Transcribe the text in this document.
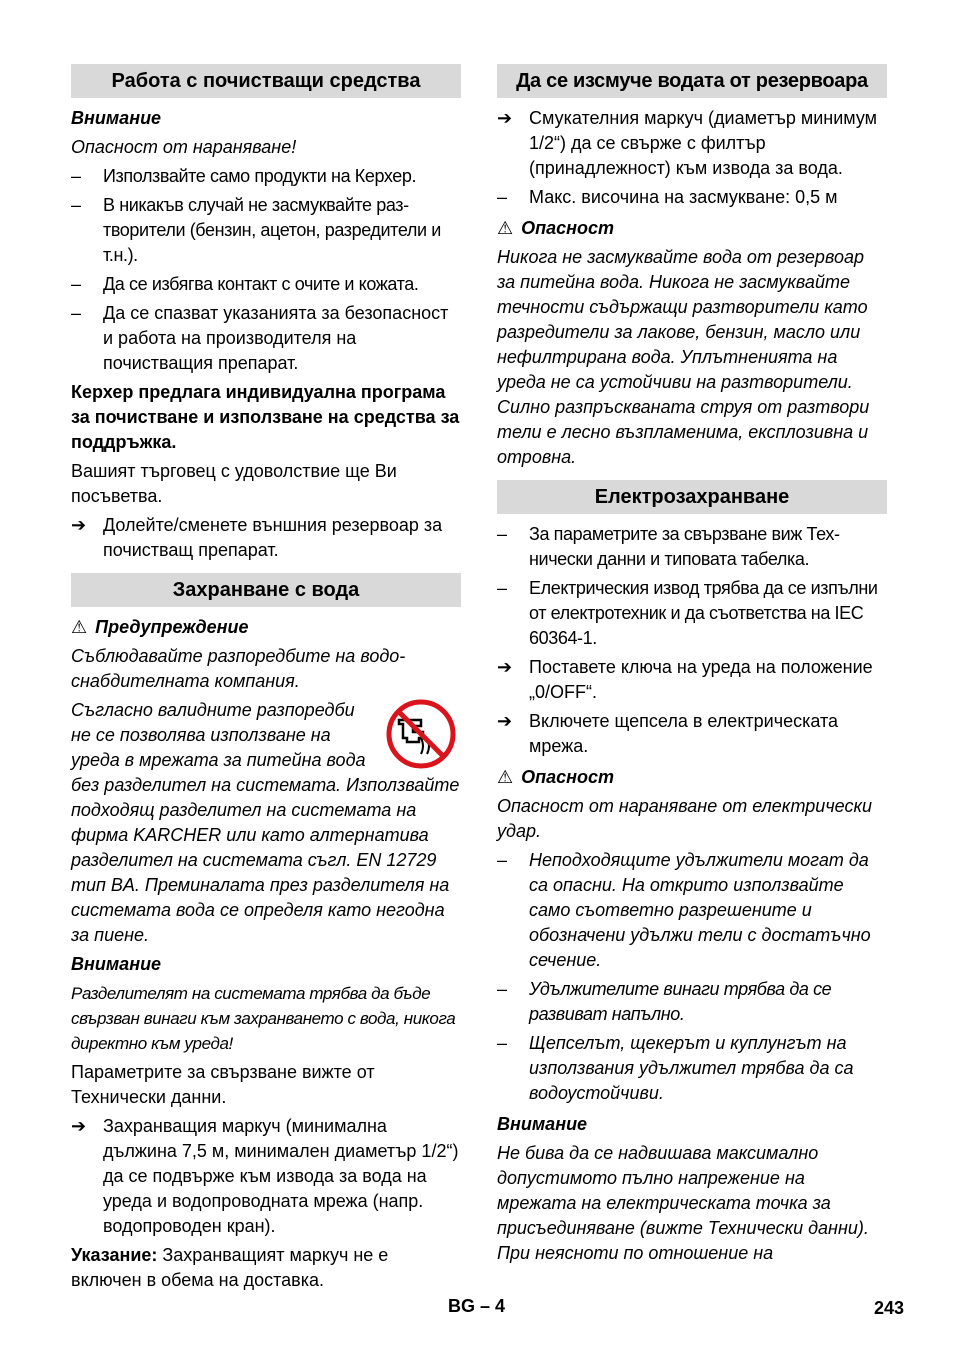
Работа с почистващи средства
Внимание
Опасност от нараняване!
–	Използвайте само продукти на Керхер.
–	В никакъв случай не засмуквайте разтворители (бензин, ацетон, разредители и т.н.).
–	Да се избягва контакт с очите и кожата.
–	Да се спазват указанията за безопасност и работа на производителя на почистващия препарат.
Керхер предлага индивидуална програма за почистване и използване на средства за поддръжка.
Вашият търговец с удоволствие ще Ви посъветва.
➔ Долейте/сменете външния резервоар за почистващ препарат.
Захранване с вода
⚠ Предупреждение
Съблюдавайте разпоредбите на водоснабдителната компания.
Съгласно валидните разпоредби не се позволява използване на уреда в мрежата за питейна вода без разделител на системата. Използвайте подходящ разделител на системата на фирма KARCHER или като алтернатива разделител на системата съгл. EN 12729 тип BA. Преминалата през разделителя на системата вода се определя като негодна за пиене.
Внимание
Разделителят на системата трябва да бъде свързван винаги към захранването с вода, никога директно към уреда!
Параметрите за свързване вижте от Технически данни.
➔ Захранващия маркуч (минимална дължина 7,5 м, минимален диаметър 1/2“) да се подвържe към извода за вода на уреда и водопроводната мрежа (напр. водопроводен кран).
Указание: Захранващият маркуч не е включен в обема на доставка.
Да се изсмуче водата от резервоара
➔ Смукателния маркуч (диаметър минимум 1/2“) да се свърже с филтър (принадлежност) към извода за вода.
–	Макс. височина на засмукване: 0,5 м
⚠ Опасност
Никога не засмуквайте вода от резервоар за питейна вода. Никога не засмуквайте течности съдържащи разтворители като разредители за лакове, бензин, масло или нефилтрирана вода. Уплътненията на уреда не са устойчиви на разтворители. Силно разпръскваната струя от разтвори тели е лесно възпламенима, експлозивна и отровна.
Електрозахранване
–	За параметрите за свързване виж Технически данни и типовата табелка.
–	Електрическия извод трябва да се изпълни от електротехник и да съответства на IEC 60364-1.
➔ Поставете ключа на уреда на положение „0/OFF“.
➔ Включете щепсела в електрическата мрежа.
⚠ Опасност
Опасност от нараняване от електрически удар.
–	Неподходящите удължители могат да са опасни. На открито използвайте само съответно разрешените и обозначени удължи тели с достатъчно сечение.
–	Удължителите винаги трябва да се развиват напълно.
–	Щепселът, щекерът и куплунгът на използвания удължител трябва да са водоустойчиви.
Внимание
Не бива да се надвишава максимално допустимото пълно напрежение на мрежата на електрическата точка за присъединяване (вижте Технически данни). При неясноти по отношение на
BG – 4	243
